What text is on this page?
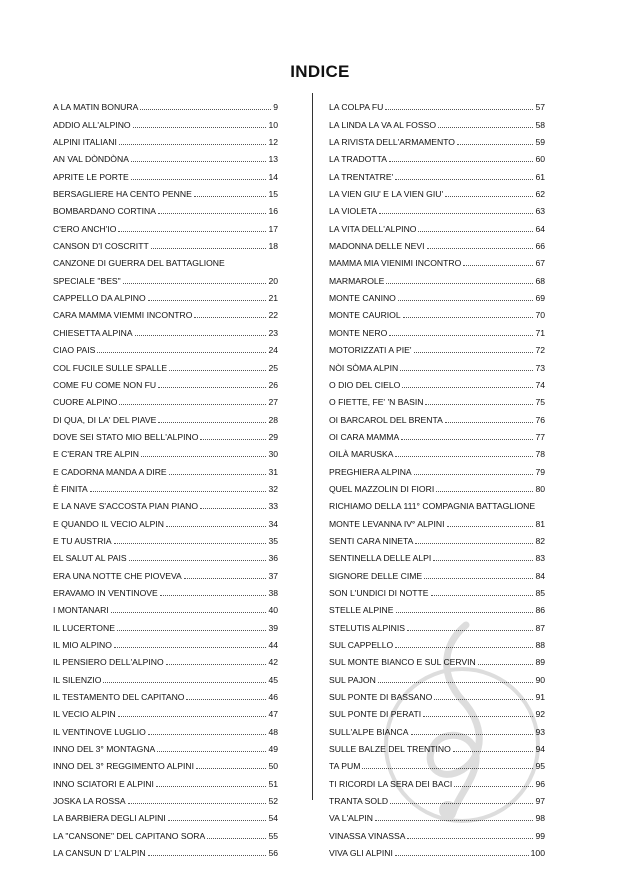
INDICE
A LA MATIN BONURA	9
ADDIO ALL'ALPINO	10
ALPINI ITALIANI	12
AN VAL DÒNDÒNA	13
APRITE LE PORTE	14
BERSAGLIERE HA CENTO PENNE	15
BOMBARDANO CORTINA	16
C'ERO ANCH'IO	17
CANSON D'I COSCRITT	18
CANZONE DI GUERRA DEL BATTAGLIONE
SPECIALE "BES"	20
CAPPELLO DA ALPINO	21
CARA MAMMA VIEMMI INCONTRO	22
CHIESETTA ALPINA	23
CIAO PAIS	24
COL FUCILE SULLE SPALLE	25
COME FU COME NON FU	26
CUORE ALPINO	27
DI QUA, DI LA' DEL PIAVE	28
DOVE SEI STATO MIO BELL'ALPINO	29
E C'ERAN TRE ALPIN	30
E CADORNA MANDA A DIRE	31
È FINITA	32
E LA NAVE S'ACCOSTA PIAN PIANO	33
E QUANDO IL VECIO ALPIN	34
E TU AUSTRIA	35
EL SALUT AL PAIS	36
ERA UNA NOTTE CHE PIOVEVA	37
ERAVAMO IN VENTINOVE	38
I MONTANARI	40
IL LUCERTONE	39
IL MIO ALPINO	44
IL PENSIERO DELL'ALPINO	42
IL SILENZIO	45
IL TESTAMENTO DEL CAPITANO	46
IL VECIO ALPIN	47
IL VENTINOVE LUGLIO	48
INNO DEL 3° MONTAGNA	49
INNO DEL 3° REGGIMENTO ALPINI	50
INNO SCIATORI E ALPINI	51
JOSKA LA ROSSA	52
LA BARBIERA DEGLI ALPINI	54
LA "CANSONE" DEL CAPITANO SORA	55
LA CANSUN D' L'ALPIN	56
LA COLPA FU	57
LA LINDA LA VA AL FOSSO	58
LA RIVISTA DELL'ARMAMENTO	59
LA TRADOTTA	60
LA TRENTATRE'	61
LA VIEN GIU' E LA VIEN GIU'	62
LA VIOLETA	63
LA VITA DELL'ALPINO	64
MADONNA DELLE NEVI	66
MAMMA MIA VIENIMI INCONTRO	67
MARMAROLE	68
MONTE CANINO	69
MONTE CAURIOL	70
MONTE NERO	71
MOTORIZZATI A PIE'	72
NÒI SÒMA ALPIN	73
O DIO DEL CIELO	74
O FIETTE, FE' 'N BASIN	75
OI BARCAROL DEL BRENTA	76
OI CARA MAMMA	77
OILÀ MARUSKA	78
PREGHIERA ALPINA	79
QUEL MAZZOLIN DI FIORI	80
RICHIAMO DELLA 111° COMPAGNIA BATTAGLIONE
MONTE LEVANNA IV° ALPINI	81
SENTI CARA NINETA	82
SENTINELLA DELLE ALPI	83
SIGNORE DELLE CIME	84
SON L'UNDICI DI NOTTE	85
STELLE ALPINE	86
STELUTIS ALPINIS	87
SUL CAPPELLO	88
SUL MONTE BIANCO E SUL CERVIN	89
SUL PAJON	90
SUL PONTE DI BASSANO	91
SUL PONTE DI PERATI	92
SULL'ALPE BIANCA	93
SULLE BALZE DEL TRENTINO	94
TA PUM	95
TI RICORDI LA SERA DEI BACI	96
TRANTA SOLD	97
VA L'ALPIN	98
VINASSA VINASSA	99
VIVA GLI ALPINI	100
